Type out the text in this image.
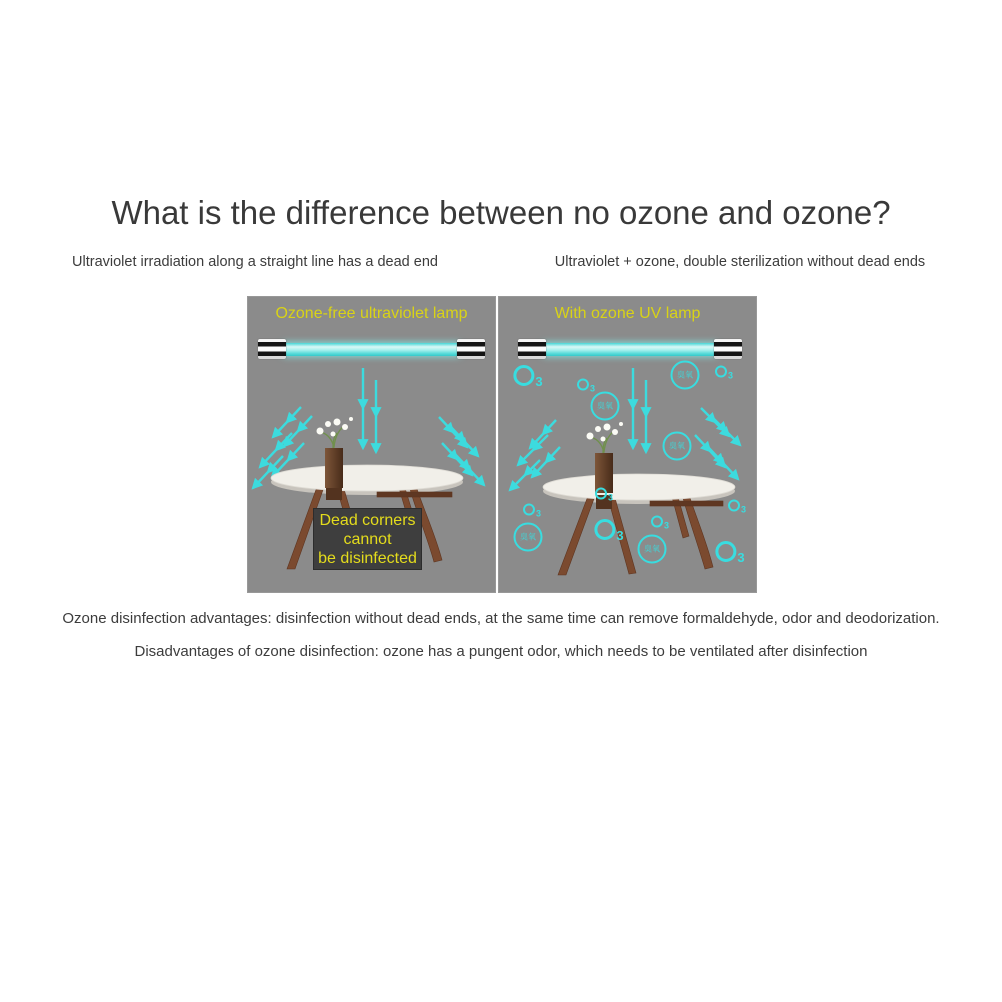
What is the difference between no ozone and ozone?
Ultraviolet irradiation along a straight line has a dead end	Ultraviolet + ozone, double sterilization without dead ends
Ozone-free ultraviolet lamp
Dead corners
cannot
be disinfected
With ozone UV lamp
3	3
臭氧	3
臭氧
臭氧
3
3
臭氧	3
3
臭氧
3
3
Ozone disinfection advantages: disinfection without dead ends, at the same time can remove formaldehyde, odor and deodorization.
Disadvantages of ozone disinfection: ozone has a pungent odor, which needs to be ventilated after disinfection
